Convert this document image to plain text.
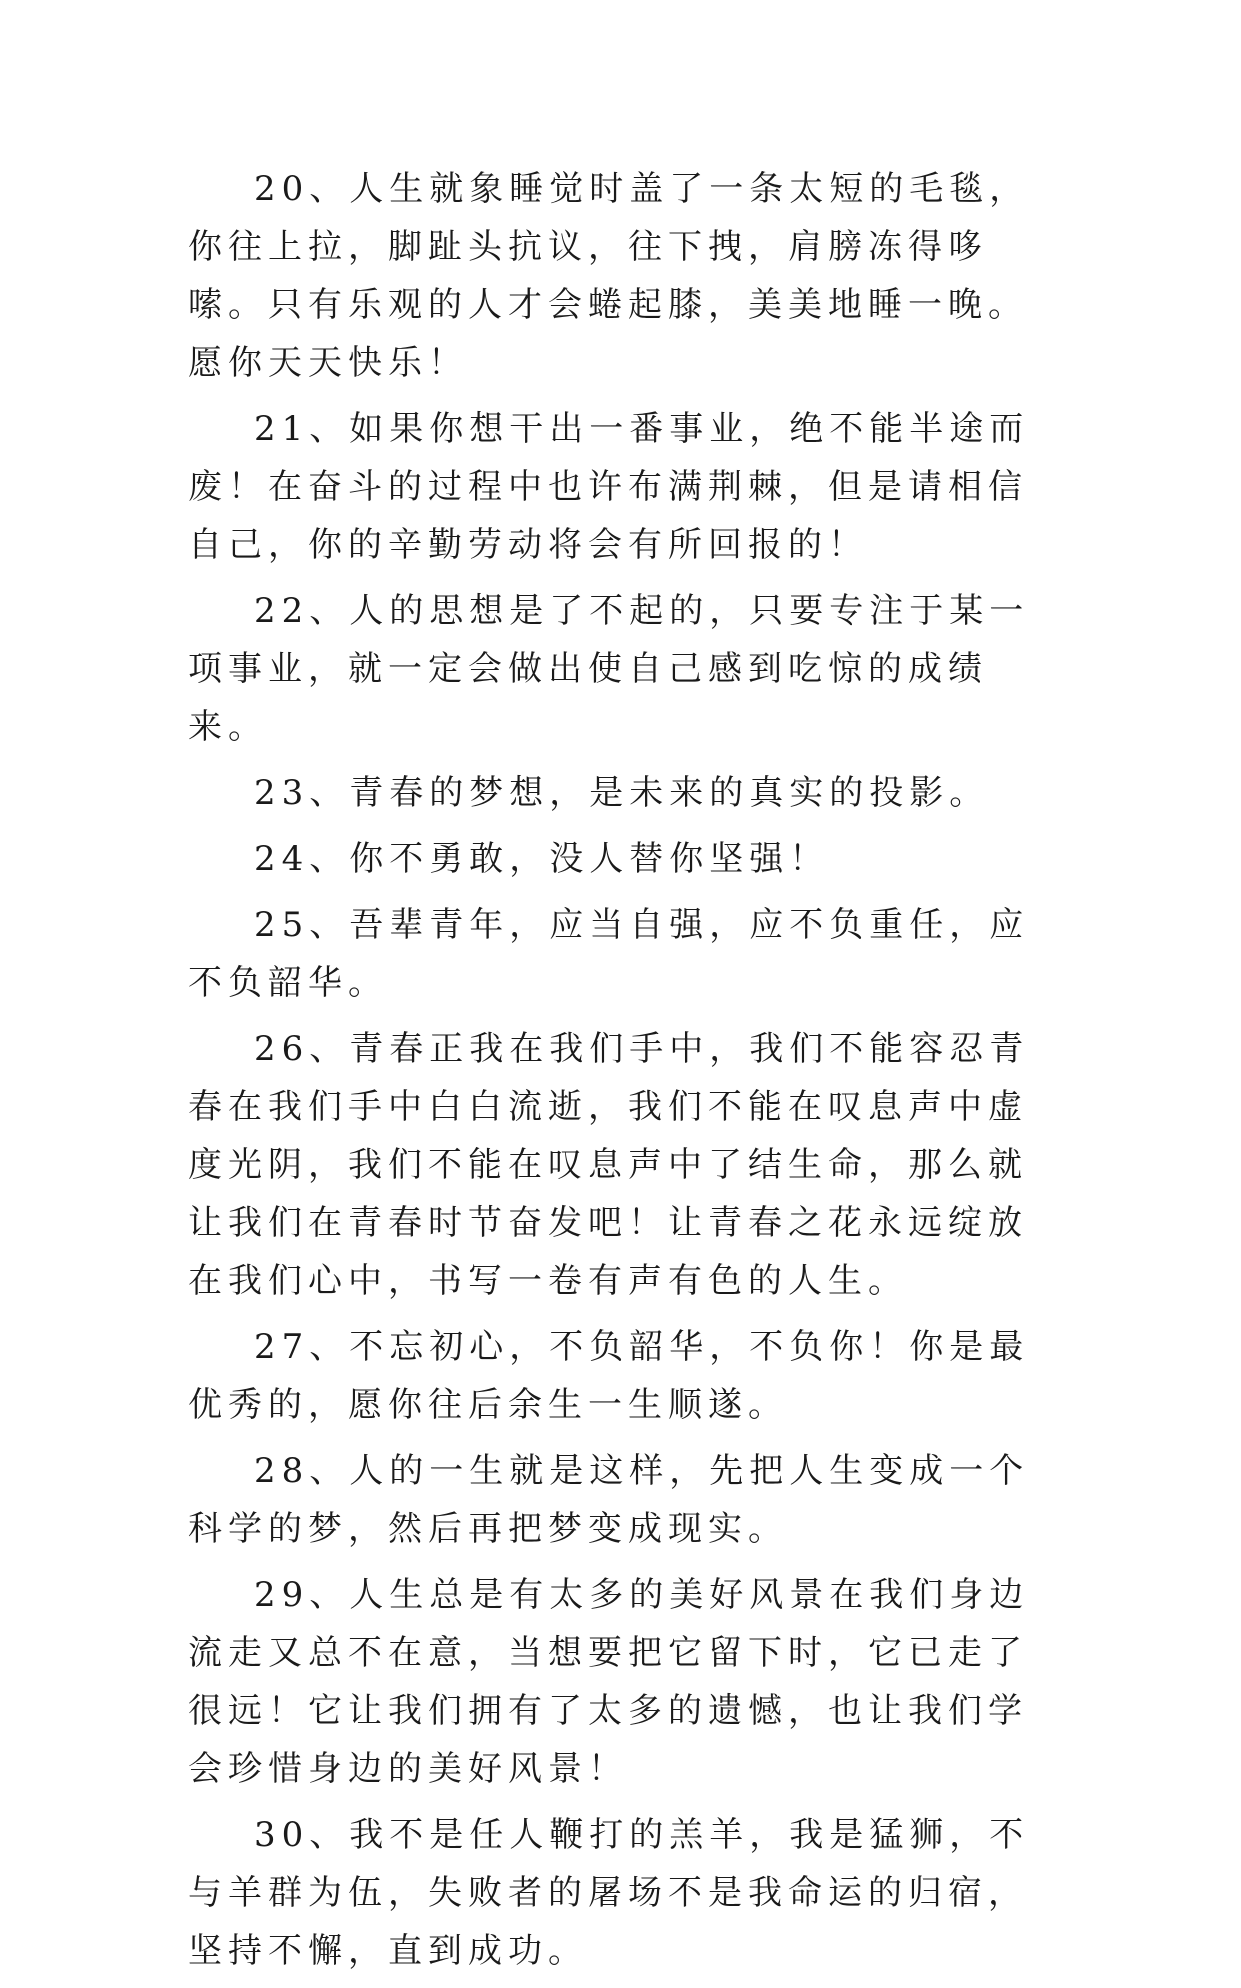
20、人生就象睡觉时盖了一条太短的毛毯，你往上拉，脚趾头抗议，往下拽，肩膀冻得哆嗦。只有乐观的人才会蜷起膝，美美地睡一晚。愿你天天快乐！

21、如果你想干出一番事业，绝不能半途而废！在奋斗的过程中也许布满荆棘，但是请相信自己，你的辛勤劳动将会有所回报的！

22、人的思想是了不起的，只要专注于某一项事业，就一定会做出使自己感到吃惊的成绩来。

23、青春的梦想，是未来的真实的投影。

24、你不勇敢，没人替你坚强！

25、吾辈青年，应当自强，应不负重任，应不负韶华。

26、青春正我在我们手中，我们不能容忍青春在我们手中白白流逝，我们不能在叹息声中虚度光阴，我们不能在叹息声中了结生命，那么就让我们在青春时节奋发吧！让青春之花永远绽放在我们心中，书写一卷有声有色的人生。

27、不忘初心，不负韶华，不负你！你是最优秀的，愿你往后余生一生顺遂。

28、人的一生就是这样，先把人生变成一个科学的梦，然后再把梦变成现实。

29、人生总是有太多的美好风景在我们身边流走又总不在意，当想要把它留下时，它已走了很远！它让我们拥有了太多的遗憾，也让我们学会珍惜身边的美好风景！

30、我不是任人鞭打的羔羊，我是猛狮，不与羊群为伍，失败者的屠场不是我命运的归宿，坚持不懈，直到成功。
